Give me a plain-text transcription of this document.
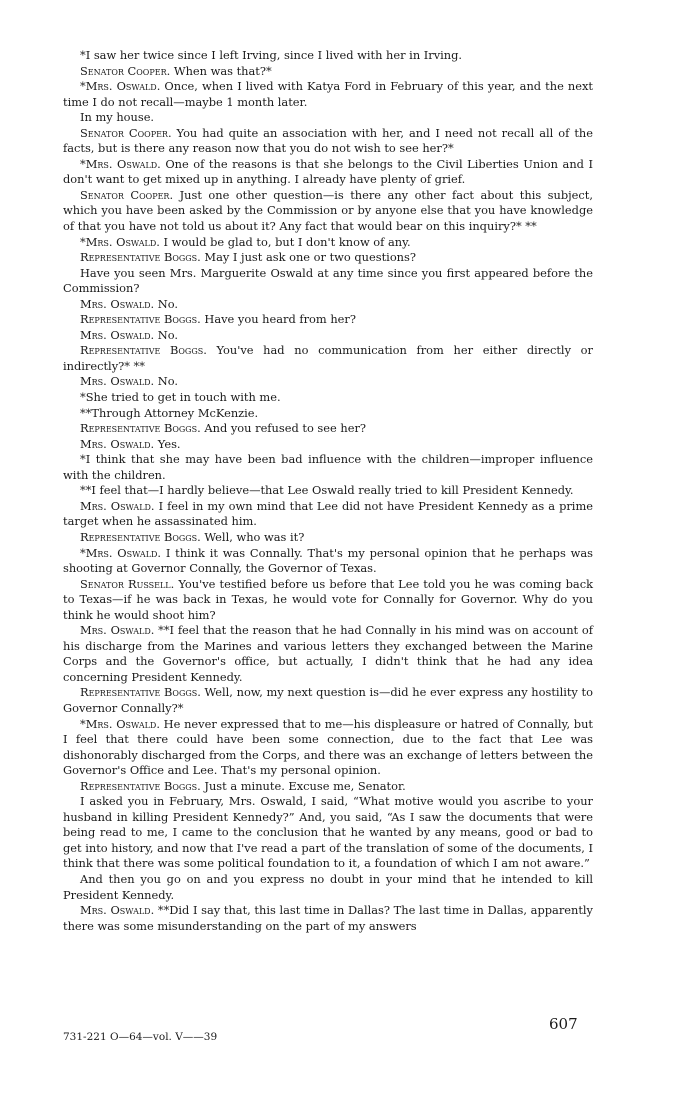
*I saw her twice since I left Irving, since I lived with her in Irving.

Senator Cooper. When was that?*

*Mrs. Oswald. Once, when I lived with Katya Ford in February of this year, and the next time I do not recall—maybe 1 month later.

In my house.

Senator Cooper. You had quite an association with her, and I need not recall all of the facts, but is there any reason now that you do not wish to see her?*

*Mrs. Oswald. One of the reasons is that she belongs to the Civil Liberties Union and I don't want to get mixed up in anything. I already have plenty of grief.

Senator Cooper. Just one other question—is there any other fact about this subject, which you have been asked by the Commission or by anyone else that you have knowledge of that you have not told us about it? Any fact that would bear on this inquiry?* **

*Mrs. Oswald. I would be glad to, but I don't know of any.

Representative Boggs. May I just ask one or two questions?

Have you seen Mrs. Marguerite Oswald at any time since you first appeared before the Commission?

Mrs. Oswald. No.

Representative Boggs. Have you heard from her?

Mrs. Oswald. No.

Representative Boggs. You've had no communication from her either directly or indirectly?* **

Mrs. Oswald. No.

*She tried to get in touch with me.

**Through Attorney McKenzie.

Representative Boggs. And you refused to see her?

Mrs. Oswald. Yes.

*I think that she may have been bad influence with the children—improper influence with the children.

**I feel that—I hardly believe—that Lee Oswald really tried to kill President Kennedy.

Mrs. Oswald. I feel in my own mind that Lee did not have President Kennedy as a prime target when he assassinated him.

Representative Boggs. Well, who was it?

*Mrs. Oswald. I think it was Connally. That's my personal opinion that he perhaps was shooting at Governor Connally, the Governor of Texas.

Senator Russell. You've testified before us before that Lee told you he was coming back to Texas—if he was back in Texas, he would vote for Connally for Governor. Why do you think he would shoot him?

Mrs. Oswald. **I feel that the reason that he had Connally in his mind was on account of his discharge from the Marines and various letters they exchanged between the Marine Corps and the Governor's office, but actually, I didn't think that he had any idea concerning President Kennedy.

Representative Boggs. Well, now, my next question is—did he ever express any hostility to Governor Connally?*

*Mrs. Oswald. He never expressed that to me—his displeasure or hatred of Connally, but I feel that there could have been some connection, due to the fact that Lee was dishonorably discharged from the Corps, and there was an exchange of letters between the Governor's Office and Lee. That's my personal opinion.

Representative Boggs. Just a minute. Excuse me, Senator.

I asked you in February, Mrs. Oswald, I said, “What motive would you ascribe to your husband in killing President Kennedy?” And, you said, “As I saw the documents that were being read to me, I came to the conclusion that he wanted by any means, good or bad to get into history, and now that I've read a part of the translation of some of the documents, I think that there was some political foundation to it, a foundation of which I am not aware.”

And then you go on and you express no doubt in your mind that he intended to kill President Kennedy.

Mrs. Oswald. **Did I say that, this last time in Dallas? The last time in Dallas, apparently there was some misunderstanding on the part of my answers

607
731-221 O—64—vol. V——39
